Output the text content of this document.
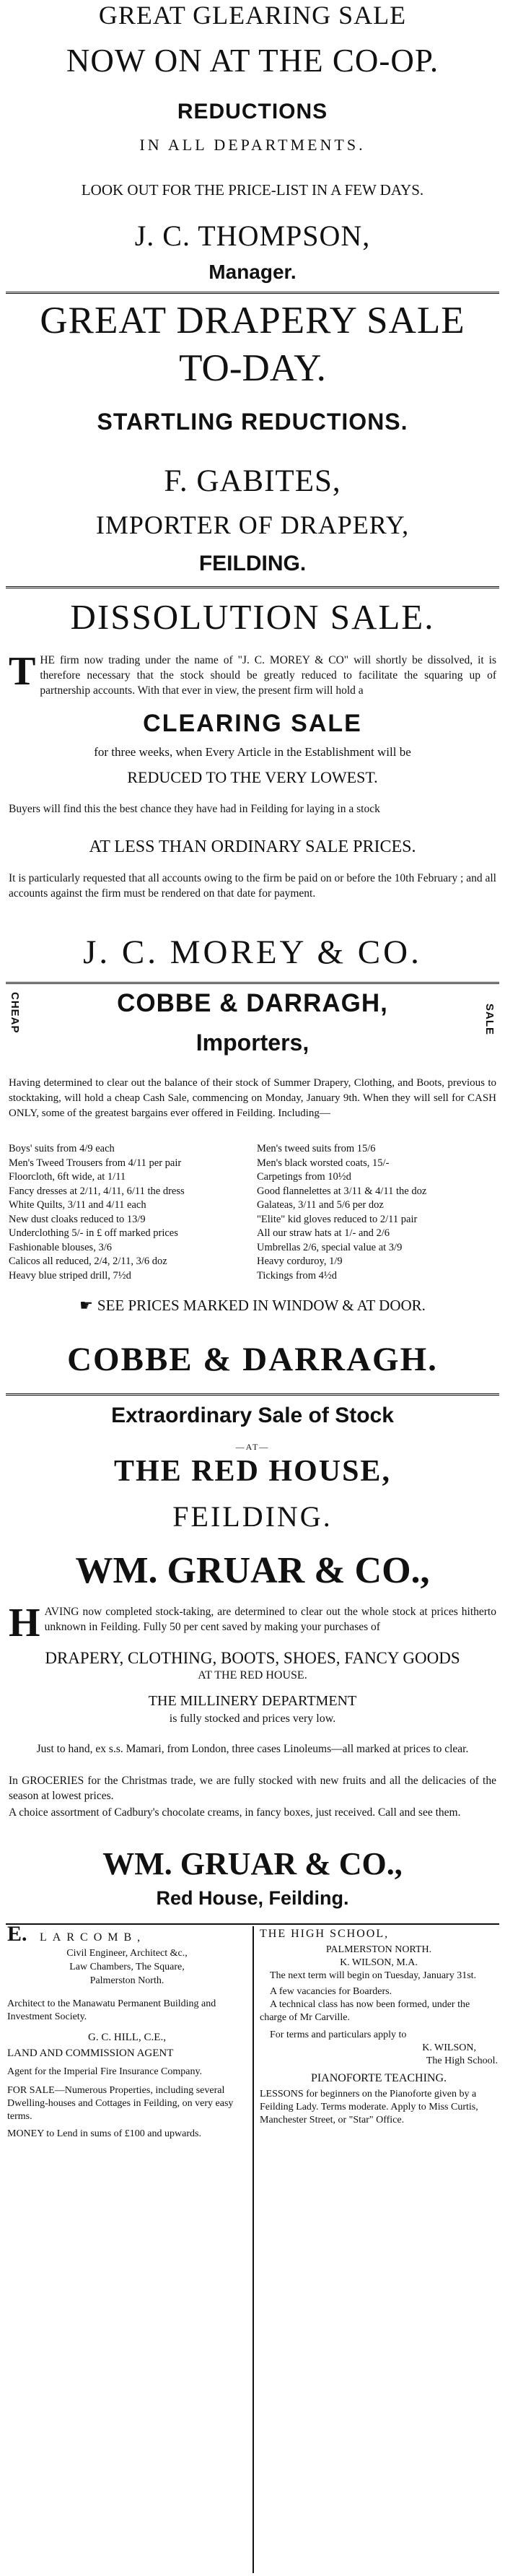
GREAT GLEARING SALE
NOW ON AT THE CO-OP.
REDUCTIONS
IN ALL DEPARTMENTS.
LOOK OUT FOR THE PRICE-LIST IN A FEW DAYS.
J. C. THOMPSON,
Manager.
GREAT DRAPERY SALE
TO-DAY.
STARTLING REDUCTIONS.
F. GABITES,
IMPORTER OF DRAPERY,
FEILDING.
DISSOLUTION SALE.
THE firm now trading under the name of "J. C. MOREY & CO" will shortly be dissolved, it is therefore necessary that the stock should be greatly reduced to facilitate the squaring up of partnership accounts. With that ever in view, the present firm will hold a
CLEARING SALE
for three weeks, when Every Article in the Establishment will be
REDUCED TO THE VERY LOWEST.
Buyers will find this the best chance they have had in Feilding for laying in a stock
AT LESS THAN ORDINARY SALE PRICES.
It is particularly requested that all accounts owing to the firm be paid on or before the 10th February ; and all accounts against the firm must be rendered on that date for payment.
J. C. MOREY & CO.
CHEAP	SALE
COBBE & DARRAGH,
Importers,
Having determined to clear out the balance of their stock of Summer Drapery, Clothing, and Boots, previous to stocktaking, will hold a cheap Cash Sale, commencing on Monday, January 9th. When they will sell for CASH ONLY, some of the greatest bargains ever offered in Feilding. Including—
Boys' suits from 4/9 each
Men's Tweed Trousers from 4/11 per pair
Floorcloth, 6ft wide, at 1/11
Fancy dresses at 2/11, 4/11, 6/11 the dress
White Quilts, 3/11 and 4/11 each
New dust cloaks reduced to 13/9
Underclothing 5/- in £ off marked prices
Fashionable blouses, 3/6
Calicos all reduced, 2/4, 2/11, 3/6 doz
Heavy blue striped drill, 7½d
Men's tweed suits from 15/6
Men's black worsted coats, 15/-
Carpetings from 10½d
Good flannelettes at 3/11 & 4/11 the doz
Galateas, 3/11 and 5/6 per doz
"Elite" kid gloves reduced to 2/11 pair
All our straw hats at 1/- and 2/6
Umbrellas 2/6, special value at 3/9
Heavy corduroy, 1/9
Tickings from 4½d
☛ SEE PRICES MARKED IN WINDOW & AT DOOR.
COBBE & DARRAGH.
Extraordinary Sale of Stock
—AT—
THE RED HOUSE,
FEILDING.
WM. GRUAR & CO.,
HAVING now completed stock-taking, are determined to clear out the whole stock at prices hitherto unknown in Feilding. Fully 50 per cent saved by making your purchases of
DRAPERY, CLOTHING, BOOTS, SHOES, FANCY GOODS
AT THE RED HOUSE.
THE MILLINERY DEPARTMENT
is fully stocked and prices very low.
Just to hand, ex s.s. Mamari, from London, three cases Linoleums—all marked at prices to clear.
In GROCERIES for the Christmas trade, we are fully stocked with new fruits and all the delicacies of the season at lowest prices.
A choice assortment of Cadbury's chocolate creams, in fancy boxes, just received. Call and see them.
WM. GRUAR & CO.,
Red House, Feilding.
E. LARCOMB,
Civil Engineer, Architect &c.,
Law Chambers, The Square,
Palmerston North.
Architect to the Manawatu Permanent Building and Investment Society.
G. C. HILL, C.E.,
LAND AND COMMISSION AGENT
Agent for the Imperial Fire Insurance Company.
FOR SALE—Numerous Properties, including several Dwelling-houses and Cottages in Feilding, on very easy terms.
MONEY to Lend in sums of £100 and upwards.
THE HIGH SCHOOL,
PALMERSTON NORTH.
K. WILSON, M.A.
The next term will begin on Tuesday, January 31st.
A few vacancies for Boarders.
A technical class has now been formed, under the charge of Mr Carville.
For terms and particulars apply to
K. WILSON,
The High School.
PIANOFORTE TEACHING.
LESSONS for beginners on the Pianoforte given by a Feilding Lady. Terms moderate. Apply to Miss Curtis, Manchester Street, or "Star" Office.
